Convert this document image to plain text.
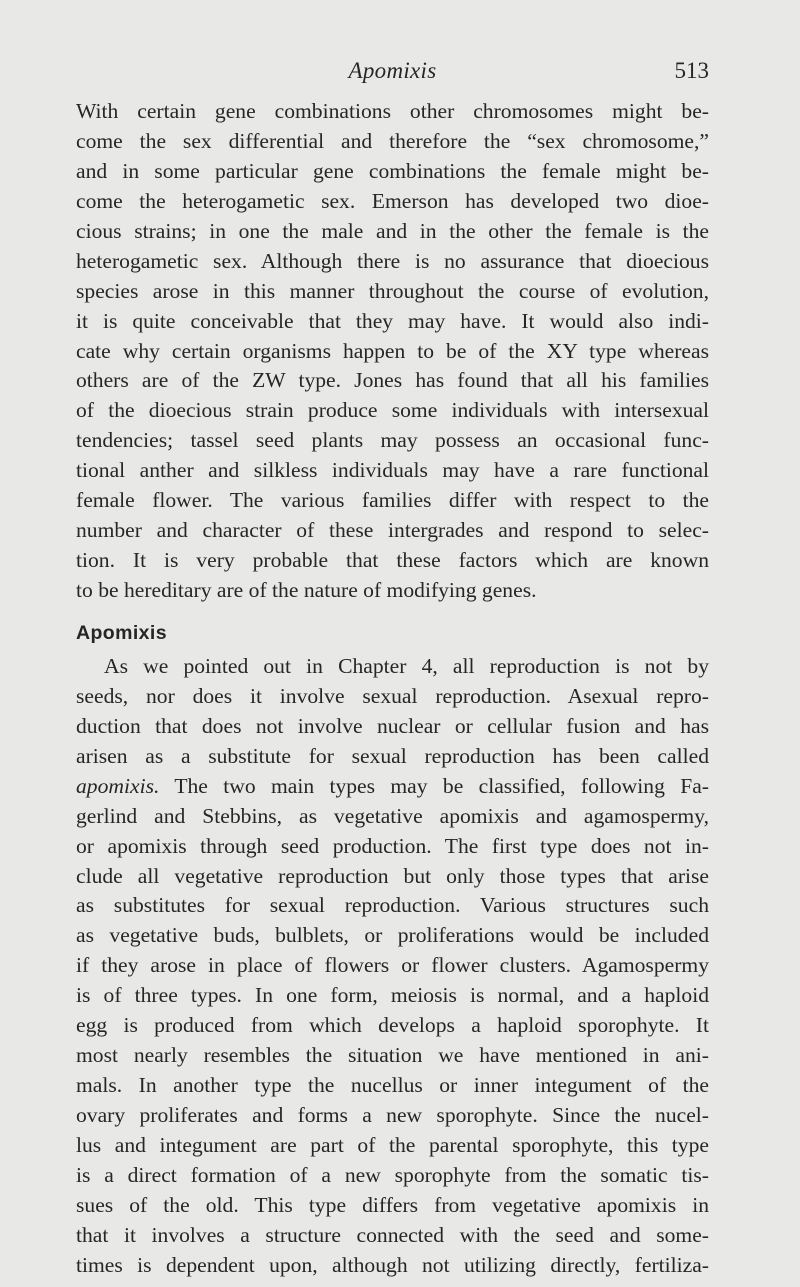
Apomixis	513
With certain gene combinations other chromosomes might be-
come the sex differential and therefore the “sex chromosome,”
and in some particular gene combinations the female might be-
come the heterogametic sex. Emerson has developed two dioe-
cious strains; in one the male and in the other the female is the
heterogametic sex. Although there is no assurance that dioecious
species arose in this manner throughout the course of evolution,
it is quite conceivable that they may have. It would also indi-
cate why certain organisms happen to be of the XY type whereas
others are of the ZW type. Jones has found that all his families
of the dioecious strain produce some individuals with intersexual
tendencies; tassel seed plants may possess an occasional func-
tional anther and silkless individuals may have a rare functional
female flower. The various families differ with respect to the
number and character of these intergrades and respond to selec-
tion. It is very probable that these factors which are known
to be hereditary are of the nature of modifying genes.
Apomixis
As we pointed out in Chapter 4, all reproduction is not by
seeds, nor does it involve sexual reproduction. Asexual repro-
duction that does not involve nuclear or cellular fusion and has
arisen as a substitute for sexual reproduction has been called
apomixis. The two main types may be classified, following Fa-
gerlind and Stebbins, as vegetative apomixis and agamospermy,
or apomixis through seed production. The first type does not in-
clude all vegetative reproduction but only those types that arise
as substitutes for sexual reproduction. Various structures such
as vegetative buds, bulblets, or proliferations would be included
if they arose in place of flowers or flower clusters. Agamospermy
is of three types. In one form, meiosis is normal, and a haploid
egg is produced from which develops a haploid sporophyte. It
most nearly resembles the situation we have mentioned in ani-
mals. In another type the nucellus or inner integument of the
ovary proliferates and forms a new sporophyte. Since the nucel-
lus and integument are part of the parental sporophyte, this type
is a direct formation of a new sporophyte from the somatic tis-
sues of the old. This type differs from vegetative apomixis in
that it involves a structure connected with the seed and some-
times is dependent upon, although not utilizing directly, fertiliza-
